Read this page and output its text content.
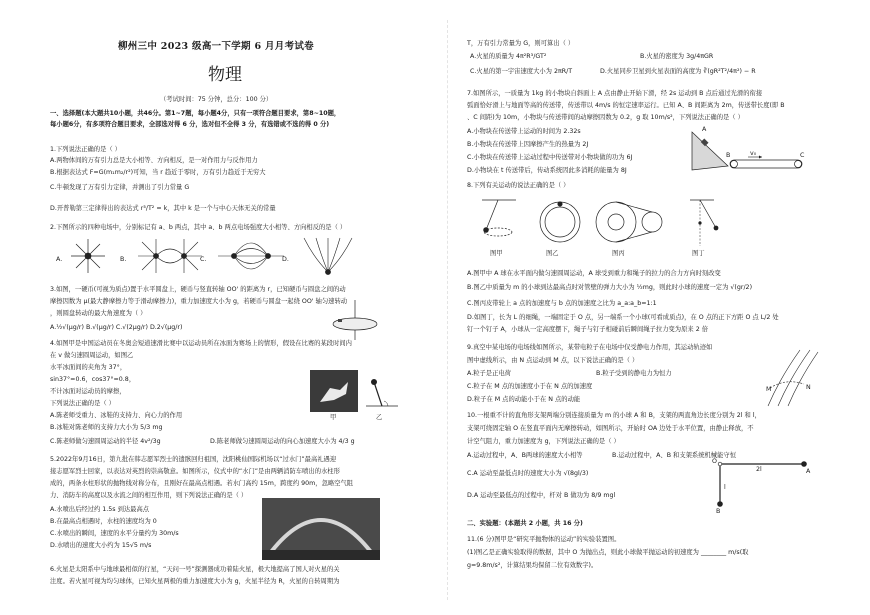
柳州三中 2023 级高一下学期 6 月月考试卷
物理
（考试时间：75 分钟，总分：100 分）
一、选择题(本大题共10小题，共46分。第1~7题，每小题4分，只有一项符合题目要求，第8~10题，
每小题6分，有多项符合题目要求，全部选对得 6 分，选对但不全得 3 分，有选错或不选的得 0 分)
1.下列说法正确的是（ ）
A.两物体间的万有引力总是大小相等、方向相反，是一对作用力与反作用力
B.根据表达式 F=G(m₁m₂/r²)可知，当 r 趋近于零时，万有引力趋近于无穷大
C.牛顿发现了万有引力定律，并测出了引力常量 G
D.开普勒第三定律得出的表达式 r³/T² = k，其中 k 是一个与中心天体无关的常量
2.下图所示的四种电场中，分别标记有 a、b 两点，其中 a、b 两点电场强度大小相等、方向相反的是（ ）
A.	B.	C.	D.
3.如图，一硬币(可视为质点)置于水平圆盘上，硬币与竖直转轴 OO' 的距离为 r，已知硬币与圆盘之间的动
摩擦因数为 μ(最大静摩擦力等于滑动摩擦力)，重力加速度大小为 g，若硬币与圆盘一起绕 OO' 轴匀速转动
，则圆盘转动的最大角速度为（ ）
A.½√(μg/r) B.√(μg/r) C.√(2μg/r) D.2√(μg/r)
4.如图甲是中国运动员在冬奥会短道速滑比赛中以运动员所在冰面为赛场上的情形，假设在比赛的某段时间内
在 v 做匀速圆周运动，如图乙
水平冰面间的夹角为 37°，
sin37°=0.6，cos37°=0.8，
不计冰面对运动员的摩擦，
下列说法正确的是（ ）
甲	乙
A.陈老师受重力、冰鞋的支持力、向心力的作用
B.冰鞋对陈老师的支持力大小为 5/3 mg
C.陈老师做匀速圆周运动的半径 4v²/3g	D.陈老师做匀速圆周运动的向心加速度大小为 4/3 g
5.2022年9月16日，第九批在韩志愿军烈士的遗骸回归祖国，沈阳桃仙国际机场以“过水门”最高礼遇迎
接志愿军烈士回家，以表达对英烈的崇高敬意。如图所示，仪式中的“水门”是由两辆消防车喷出的水柱形
成的，两条水柱形状的抛物线对称分布，且刚好在最高点相遇。若水门高约 15m，跨度约 90m，忽略空气阻
力、消防车的高度以及水流之间的相互作用，则下列说法正确的是（ ）
A.水喷出后经过约 1.5s 到达最高点
B.在最高点相遇时，水柱的速度均为 0
C.水喷出的瞬间，速度的水平分量约为 30m/s
D.水喷出的速度大小约为 15√5 m/s
6.火星是太阳系中与地球最相似的行星，“天问一号”探测器成功着陆火星，极大地提高了国人对火星的关
注度。若火星可视为均匀球体，已知火星两极的重力加速度大小为 g，火星半径为 R，火星的自转周期为
T，万有引力常量为 G，则可算出（ ）
A.火星的质量为 4π²R³/GT²	B.火星的密度为 3g/4πGR
C.火星的第一宇宙速度大小为 2πR/T	D.火星同步卫星到火星表面的高度为 ∛(gR²T²/4π²) − R
7.如图所示，一质量为 1kg 的小物块自斜面上 A 点由静止开始下滑，经 2s 运动到 B 点后通过光滑的衔接
弧面恰好滑上与地面等高的传送带，传送带以 4m/s 的恒定速率运行。已知 A、B 间距离为 2m，传送带长度(即 B
、C 间距)为 10m，小物块与传送带间的动摩擦因数为 0.2，g 取 10m/s²，下列说法正确的是（ ）
A.小物块在传送带上运动的时间为 2.32s
B.小物块在传送带上因摩擦产生的热量为 2J
C.小物块在传送带上运动过程中传送带对小物块做的功为 6J
D.小物块在 t 传送带后，传动系统因此多消耗的能量为 8J
A
B	C
v₀
8.下列有关运动的说法正确的是（ ）
图甲	图乙	图丙	图丁
A.图甲中 A 球在水平面内做匀速圆周运动，A 球受到重力和绳子的拉力的合力方向时刻改变
B.图乙中质量为 m 的小球到达最高点时对管壁的弹力大小为 ½mg，则此时小球的速度一定为 √(gr/2)
C.图丙皮带轮上 a 点的加速度与 b 点的加速度之比为 a_a:a_b=1:1
D.如图丁，长为 L 的细绳，一端固定于 O 点，另一端系一个小球(可看成质点)，在 O 点的正下方距 O 点 L/2 处
钉一个钉子 A，小球从一定高度摆下，绳子与钉子相碰前后瞬间绳子拉力变为原来 2 倍
9.真空中某电场的电场线如图所示，某带电粒子在电场中仅受静电力作用，其运动轨迹如
图中虚线所示，由 N 点运动到 M 点，以下说法正确的是（ ）
A.粒子是正电荷	B.粒子受到的静电力为恒力
C.粒子在 M 点的加速度小于在 N 点的加速度
D.粒子在 M 点的动能小于在 N 点的动能
M	N
10.一根重不计的直角形支架两端分别连接质量为 m 的小球 A 和 B，支架的两直角边长度分别为 2l 和 l，
支架可绕固定轴 O 在竖直平面内无摩擦转动，如图所示，开始时 OA 边处于水平位置，由静止释放，不
计空气阻力，重力加速度为 g，下列说法正确的是（ ）
A.运动过程中，A、B两球的速度大小相等	B.运动过程中，A、B 和支架系统机械能守恒
C.A 运动至最低点时的速度大小为 √(8gl/3)
D.A 运动至最低点的过程中，杆对 B 做功为 8/9 mgl
O
A
B
2l
l
二、实验题：(本题共 2 小题，共 16 分)
11.(6 分)图甲是“研究平抛物体的运动”的实验装置图。
(1)图乙是正确实验取得的数据，其中 O 为抛出点，则此小球做平抛运动的初速度为 ________ m/s(取
g=9.8m/s²，计算结果均保留二位有效数字)。
